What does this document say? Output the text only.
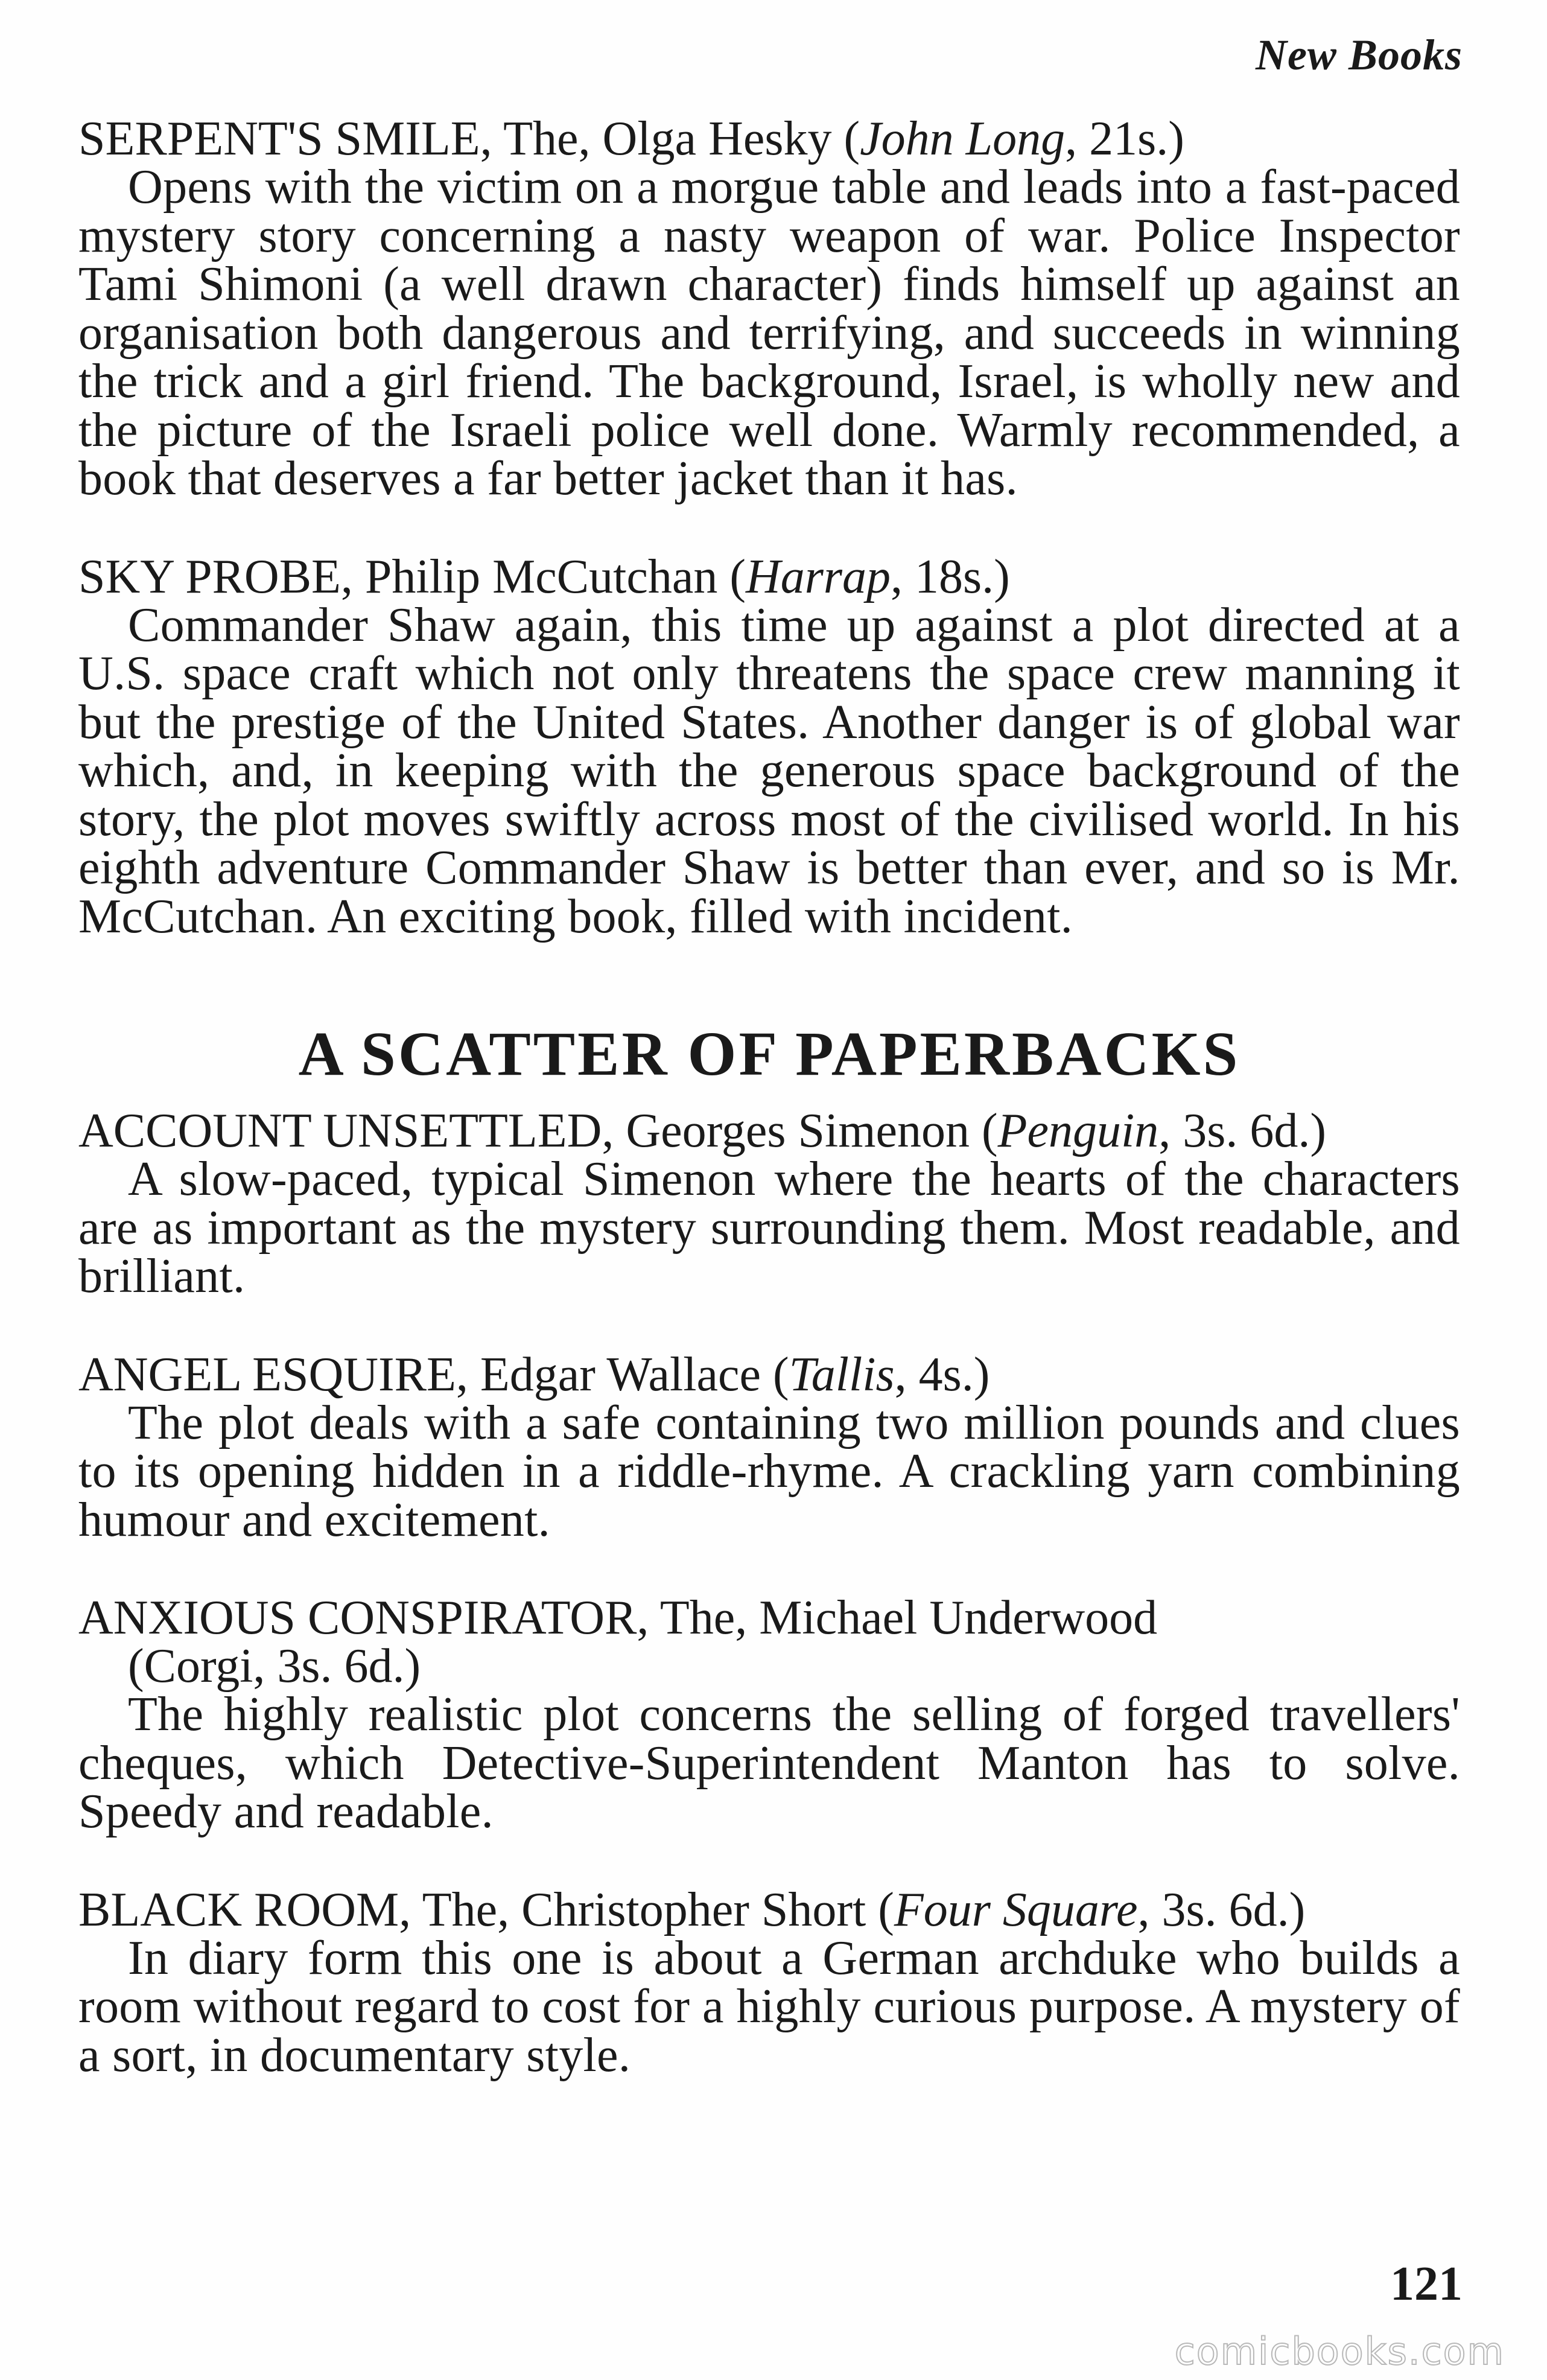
New Books

SERPENT'S SMILE, The, Olga Hesky (John Long, 21s.)

Opens with the victim on a morgue table and leads into a fast-paced mystery story concerning a nasty weapon of war. Police Inspector Tami Shimoni (a well drawn character) finds himself up against an organisation both dangerous and terrifying, and succeeds in winning the trick and a girl friend. The background, Israel, is wholly new and the picture of the Israeli police well done. Warmly recommended, a book that deserves a far better jacket than it has.

SKY PROBE, Philip McCutchan (Harrap, 18s.)

Commander Shaw again, this time up against a plot directed at a U.S. space craft which not only threatens the space crew manning it but the prestige of the United States. Another danger is of global war which, and, in keeping with the generous space background of the story, the plot moves swiftly across most of the civilised world. In his eighth adventure Commander Shaw is better than ever, and so is Mr. McCutchan. An exciting book, filled with incident.

A SCATTER OF PAPERBACKS

ACCOUNT UNSETTLED, Georges Simenon (Penguin, 3s. 6d.)

A slow-paced, typical Simenon where the hearts of the characters are as important as the mystery surrounding them. Most readable, and brilliant.

ANGEL ESQUIRE, Edgar Wallace (Tallis, 4s.)

The plot deals with a safe containing two million pounds and clues to its opening hidden in a riddle-rhyme. A crackling yarn combining humour and excitement.

ANXIOUS CONSPIRATOR, The, Michael Underwood

(Corgi, 3s. 6d.)

The highly realistic plot concerns the selling of forged travellers' cheques, which Detective-Superintendent Manton has to solve. Speedy and readable.

BLACK ROOM, The, Christopher Short (Four Square, 3s. 6d.)

In diary form this one is about a German archduke who builds a room without regard to cost for a highly curious purpose. A mystery of a sort, in documentary style.

121
comicbooks.com
